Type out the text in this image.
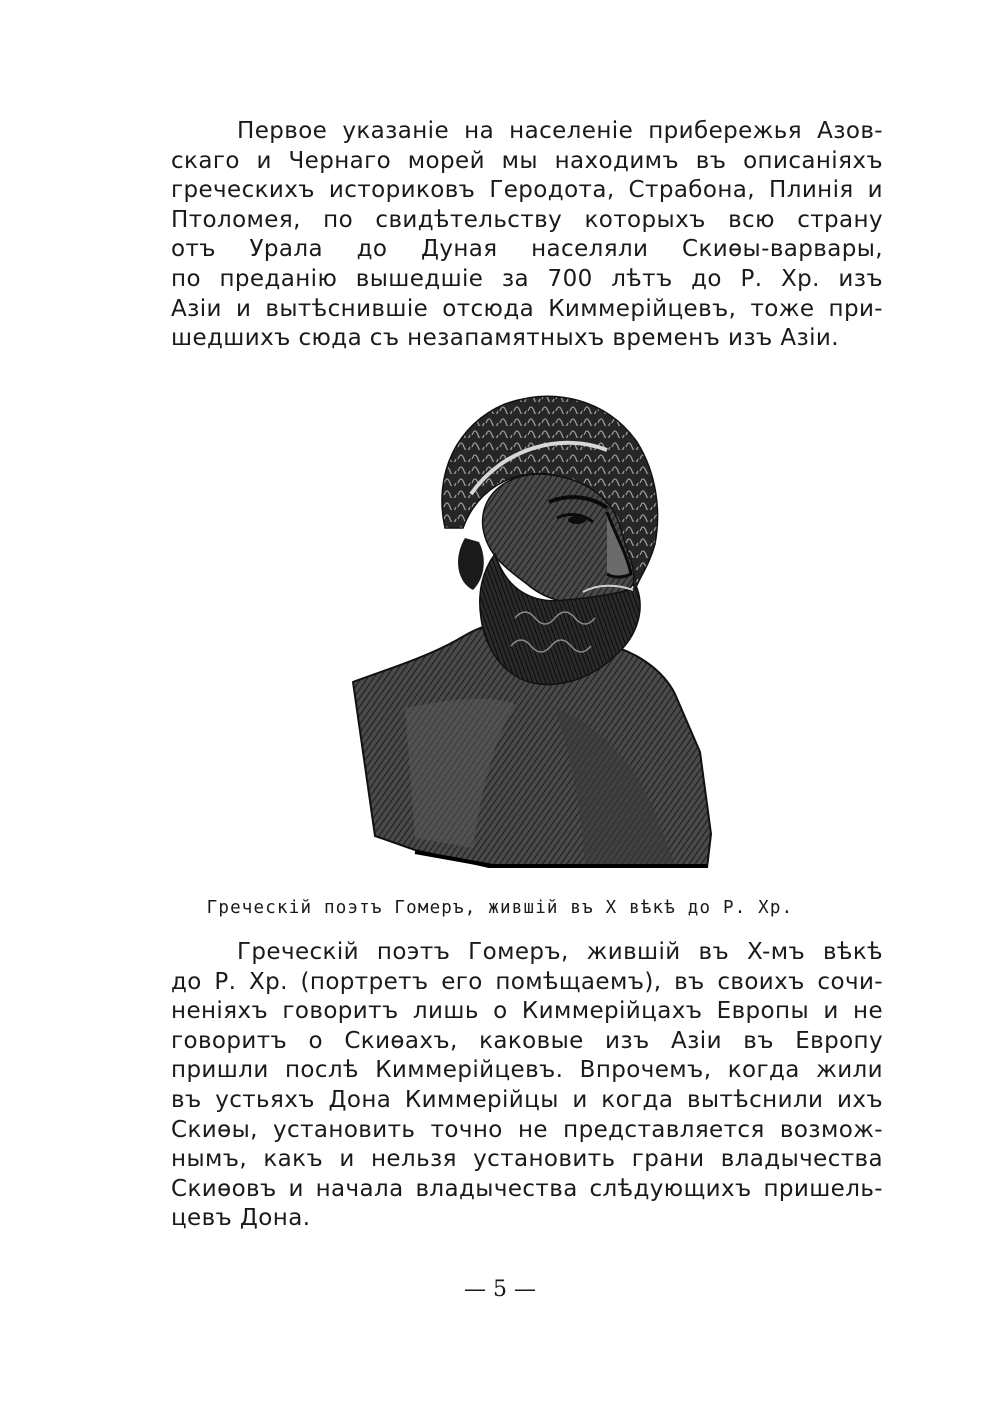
Первое указаніе на населеніе прибережья Азов-
скаго и Чернаго морей мы находимъ въ описаніяхъ
греческихъ историковъ Геродота, Страбона, Плинія и
Птоломея, по свидѣтельству которыхъ всю страну
отъ Урала до Дуная населяли Скиѳы-варвары,
по преданію вышедшіе за 700 лѣтъ до Р. Хр. изъ
Азіи и вытѣснившіе отсюда Киммерійцевъ, тоже при-
шедшихъ сюда съ незапамятныхъ временъ изъ Азіи.

Греческій поэтъ Гомеръ, жившій въ X вѣкѣ до Р. Хр.

Греческій поэтъ Гомеръ, жившій въ X-мъ вѣкѣ
до Р. Хр. (портретъ его помѣщаемъ), въ своихъ сочи-
неніяхъ говоритъ лишь о Киммерійцахъ Европы и не
говоритъ о Скиѳахъ, каковые изъ Азіи въ Европу
пришли послѣ Киммерійцевъ. Впрочемъ, когда жили
въ устьяхъ Дона Киммерійцы и когда вытѣснили ихъ
Скиѳы, установить точно не представляется возмож-
нымъ, какъ и нельзя установить грани владычества
Скиѳовъ и начала владычества слѣдующихъ пришель-
цевъ Дона.

— 5 —
